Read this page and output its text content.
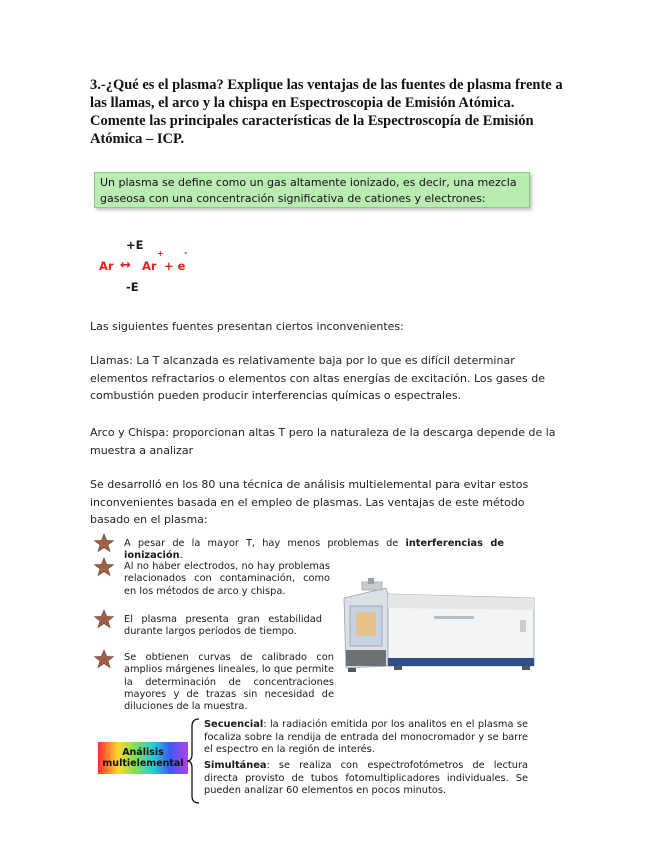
3.-¿Qué es el plasma? Explique las ventajas de las fuentes de plasma frente a las llamas, el arco y la chispa en Espectroscopia de Emisión Atómica. Comente las principales características de la Espectroscopía de Emisión Atómica – ICP.
Un plasma se define como un gas altamente ionizado, es decir, una mezcla gaseosa con una concentración significativa de cationes y electrones:
+E
Ar ↔ Ar
+
+ e
-
-E
Las siguientes fuentes presentan ciertos inconvenientes:
Llamas: La T alcanzada es relativamente baja por lo que es difícil determinar elementos refractarios o elementos con altas energías de excitación. Los gases de combustión pueden producir interferencias químicas o espectrales.
Arco y Chispa: proporcionan altas T pero la naturaleza de la descarga depende de la muestra a analizar
Se desarrolló en los 80 una técnica de análisis multielemental para evitar estos inconvenientes basada en el empleo de plasmas. Las ventajas de este método basado en el plasma:
A pesar de la mayor T, hay menos problemas de interferencias de ionización.
Al no haber electrodos, no hay problemas relacionados con contaminación, como en los métodos de arco y chispa.
El plasma presenta gran estabilidad durante largos períodos de tiempo.
Se obtienen curvas de calibrado con amplios márgenes lineales, lo que permite la determinación de concentraciones mayores y de trazas sin necesidad de diluciones de la muestra.
Análisis
multielemental
Secuencial: la radiación emitida por los analitos en el plasma se focaliza sobre la rendija de entrada del monocromador y se barre el espectro en la región de interés.
Simultánea: se realiza con espectrofotómetros de lectura directa provisto de tubos fotomultiplicadores individuales. Se pueden analizar 60 elementos en pocos minutos.
